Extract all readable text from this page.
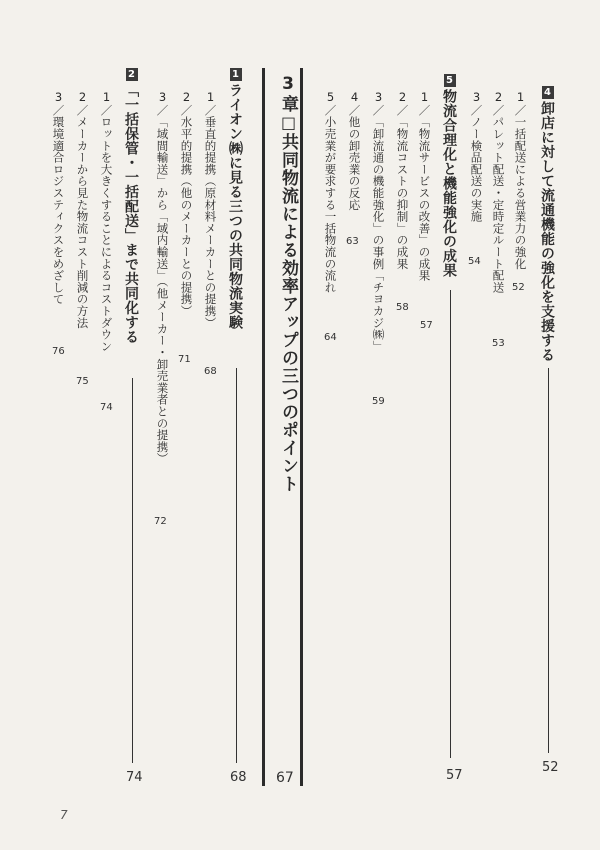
4卸店に対して流通機能の強化を支援する
52
1／一括配送による営業力の強化
52
2／パレット配送・定時定ルート配送
53
3／ノー検品配送の実施
54
5物流合理化と機能強化の成果
57
1／「物流サービスの改善」の成果
57
2／「物流コストの抑制」の成果
58
3／「卸流通の機能強化」の事例「チヨカジ㈱」
59
4／他の卸売業の反応
63
5／小売業が要求する一括物流の流れ
64
3章□共同物流による効率アップの三つのポイント
67
1ライオン㈱に見る三つの共同物流実験
68
1／垂直的提携（原材料メーカーとの提携）
68
2／水平的提携（他のメーカーとの提携）
71
3／「域間輸送」から「域内輸送」（他メーカー・卸売業者との提携）
72
2「一括保管・一括配送」まで共同化する
74
1／ロットを大きくすることによるコストダウン
74
2／メーカーから見た物流コスト削減の方法
75
3／環境適合ロジスティクスをめざして
76
7
